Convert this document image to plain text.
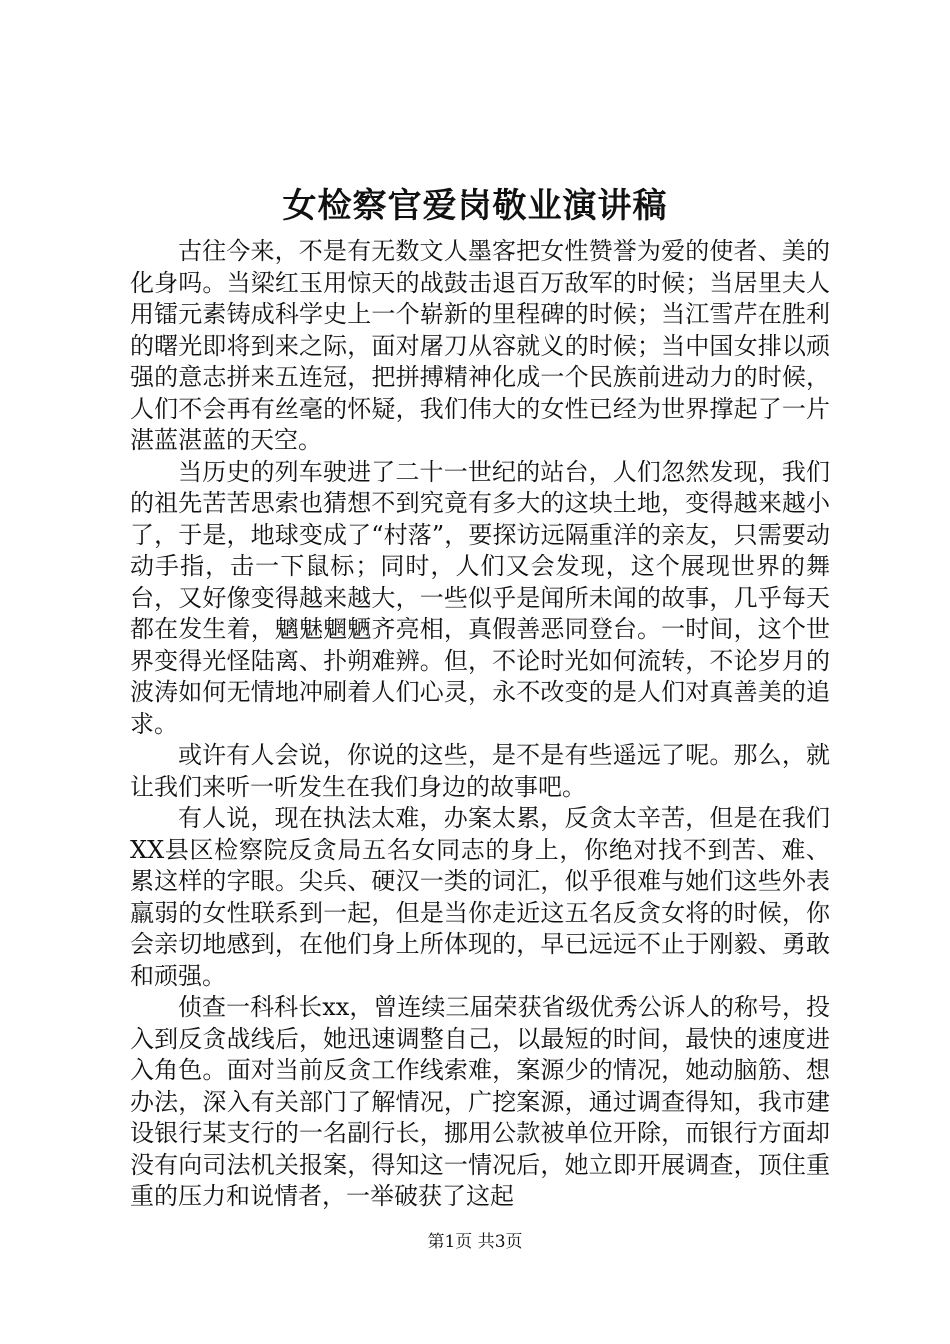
女检察官爱岗敬业演讲稿

古往今来，不是有无数文人墨客把女性赞誉为爱的使者、美的化身吗。当梁红玉用惊天的战鼓击退百万敌军的时候；当居里夫人用镭元素铸成科学史上一个崭新的里程碑的时候；当江雪芹在胜利的曙光即将到来之际，面对屠刀从容就义的时候；当中国女排以顽强的意志拼来五连冠，把拼搏精神化成一个民族前进动力的时候，人们不会再有丝毫的怀疑，我们伟大的女性已经为世界撑起了一片湛蓝湛蓝的天空。

当历史的列车驶进了二十一世纪的站台，人们忽然发现，我们的祖先苦苦思索也猜想不到究竟有多大的这块土地，变得越来越小了，于是，地球变成了“村落”，要探访远隔重洋的亲友，只需要动动手指，击一下鼠标；同时，人们又会发现，这个展现世界的舞台，又好像变得越来越大，一些似乎是闻所未闻的故事，几乎每天都在发生着，魑魅魍魉齐亮相，真假善恶同登台。一时间，这个世界变得光怪陆离、扑朔难辨。但，不论时光如何流转，不论岁月的波涛如何无情地冲刷着人们心灵，永不改变的是人们对真善美的追求。

或许有人会说，你说的这些，是不是有些遥远了呢。那么，就让我们来听一听发生在我们身边的故事吧。

有人说，现在执法太难，办案太累，反贪太辛苦，但是在我们XX县区检察院反贪局五名女同志的身上，你绝对找不到苦、难、累这样的字眼。尖兵、硬汉一类的词汇，似乎很难与她们这些外表羸弱的女性联系到一起，但是当你走近这五名反贪女将的时候，你会亲切地感到，在他们身上所体现的，早已远远不止于刚毅、勇敢和顽强。

侦查一科科长xx，曾连续三届荣获省级优秀公诉人的称号，投入到反贪战线后，她迅速调整自己，以最短的时间，最快的速度进入角色。面对当前反贪工作线索难，案源少的情况，她动脑筋、想办法，深入有关部门了解情况，广挖案源，通过调查得知，我市建设银行某支行的一名副行长，挪用公款被单位开除，而银行方面却没有向司法机关报案，得知这一情况后，她立即开展调查，顶住重重的压力和说情者，一举破获了这起

第1页 共3页
